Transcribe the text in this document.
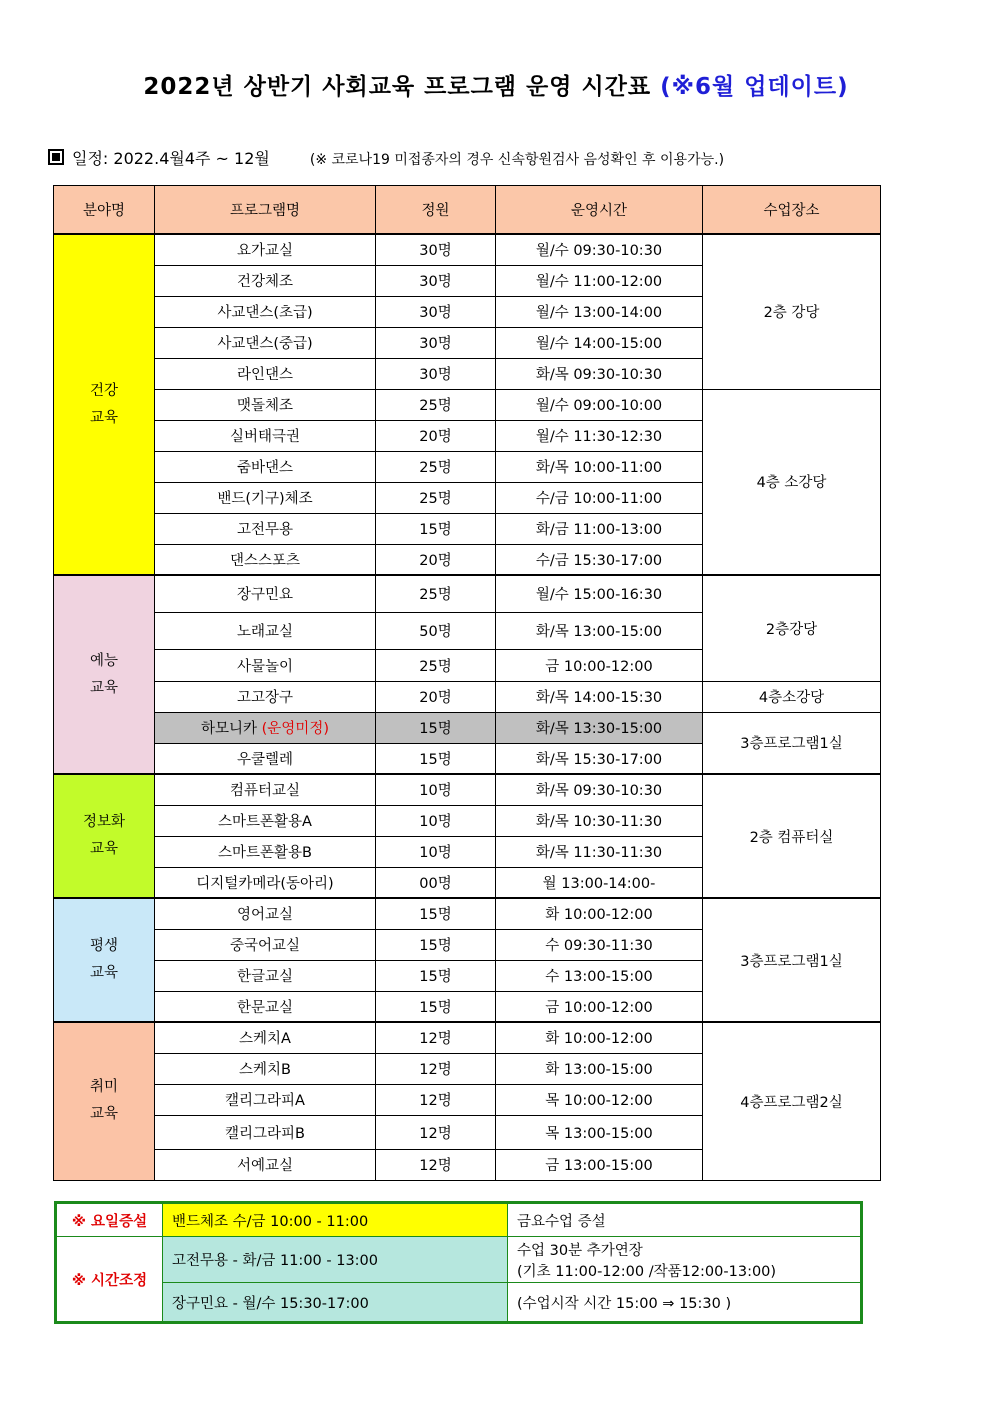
2022년 상반기 사회교육 프로그램 운영 시간표 (※6월 업데이트)
일정: 2022.4월4주 ~ 12월	(※ 코로나19 미접종자의 경우 신속항원검사 음성확인 후 이용가능.)
분야명	프로그램명	정원	운영시간	수업장소
건강
교육	요가교실	30명	월/수 09:30-10:30	2층 강당
	건강체조	30명	월/수 11:00-12:00	
	사교댄스(초급)	30명	월/수 13:00-14:00	
	사교댄스(중급)	30명	월/수 14:00-15:00	
	라인댄스	30명	화/목 09:30-10:30	
	맷돌체조	25명	월/수 09:00-10:00	4층 소강당
	실버태극권	20명	월/수 11:30-12:30	
	줌바댄스	25명	화/목 10:00-11:00	
	밴드(기구)체조	25명	수/금 10:00-11:00	
	고전무용	15명	화/금 11:00-13:00	
	댄스스포츠	20명	수/금 15:30-17:00	
예능
교육	장구민요	25명	월/수 15:00-16:30	2층강당
	노래교실	50명	화/목 13:00-15:00	
	사물놀이	25명	금 10:00-12:00	
	고고장구	20명	화/목 14:00-15:30	4층소강당
	하모니카 (운영미정)	15명	화/목 13:30-15:00	3층프로그램1실
	우쿨렐레	15명	화/목 15:30-17:00	
정보화
교육	컴퓨터교실	10명	화/목 09:30-10:30	2층 컴퓨터실
	스마트폰활용A	10명	화/목 10:30-11:30	
	스마트폰활용B	10명	화/목 11:30-11:30	
	디지털카메라(동아리)	00명	월 13:00-14:00-	
평생
교육	영어교실	15명	화 10:00-12:00	3층프로그램1실
	중국어교실	15명	수 09:30-11:30	
	한글교실	15명	수 13:00-15:00	
	한문교실	15명	금 10:00-12:00	
취미
교육	스케치A	12명	화 10:00-12:00	4층프로그램2실
	스케치B	12명	화 13:00-15:00	
	캘리그라피A	12명	목 10:00-12:00	
	캘리그라피B	12명	목 13:00-15:00	
	서예교실	12명	금 13:00-15:00	
※ 요일증설	밴드체조 수/금 10:00 - 11:00	금요수업 증설
※ 시간조정	고전무용 - 화/금 11:00 - 13:00	수업 30분 추가연장
(기초 11:00-12:00 /작품12:00-13:00)
	장구민요 - 월/수 15:30-17:00	(수업시작 시간 15:00 ⇒ 15:30 )
